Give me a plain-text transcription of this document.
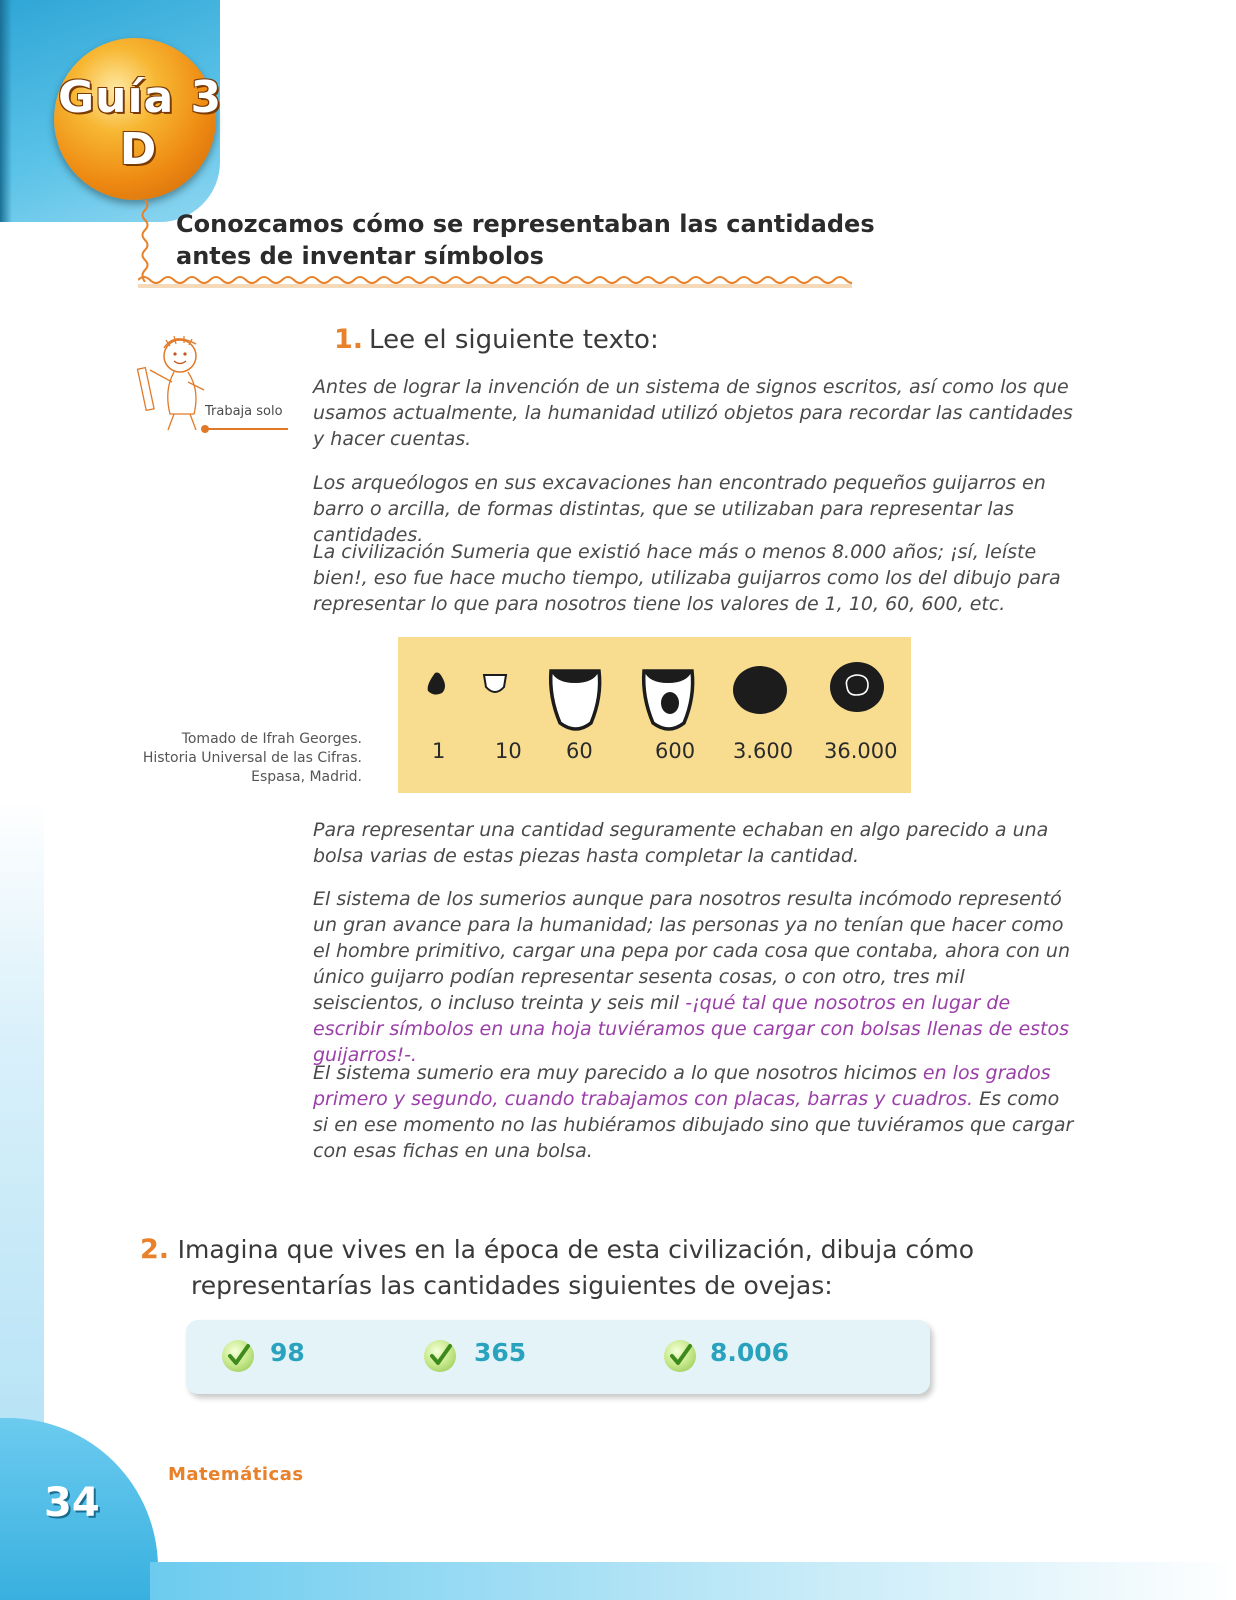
Guía 3
D
Conozcamos cómo se representaban las cantidades
antes de inventar símbolos
Trabaja solo
1. Lee el siguiente texto:
Antes de lograr la invención de un sistema de signos escritos, así como los que usamos actualmente, la humanidad utilizó objetos para recordar las cantidades y hacer cuentas.
Los arqueólogos en sus excavaciones han encontrado pequeños guijarros en barro o arcilla, de formas distintas, que se utilizaban para representar las cantidades.
La civilización Sumeria que existió hace más o menos 8.000 años; ¡sí, leíste bien!, eso fue hace mucho tiempo, utilizaba guijarros como los del dibujo para representar lo que para nosotros tiene los valores de 1, 10, 60, 600, etc.
1 10 60	600 3.600 36.000
Tomado de Ifrah Georges.
Historia Universal de las Cifras.
Espasa, Madrid.
Para representar una cantidad seguramente echaban en algo parecido a una bolsa varias de estas piezas hasta completar la cantidad.
El sistema de los sumerios aunque para nosotros resulta incómodo representó un gran avance para la humanidad; las personas ya no tenían que hacer como el hombre primitivo, cargar una pepa por cada cosa que contaba, ahora con un único guijarro podían representar sesenta cosas, o con otro, tres mil seiscientos, o incluso treinta y seis mil -¡qué tal que nosotros en lugar de escribir símbolos en una hoja tuviéramos que cargar con bolsas llenas de estos guijarros!-.
El sistema sumerio era muy parecido a lo que nosotros hicimos en los grados primero y segundo, cuando trabajamos con placas, barras y cuadros. Es como si en ese momento no las hubiéramos dibujado sino que tuviéramos que cargar con esas fichas en una bolsa.
2. Imagina que vives en la época de esta civilización, dibuja cómo
representarías las cantidades siguientes de ovejas:
98	365	8.006
Matemáticas
34
